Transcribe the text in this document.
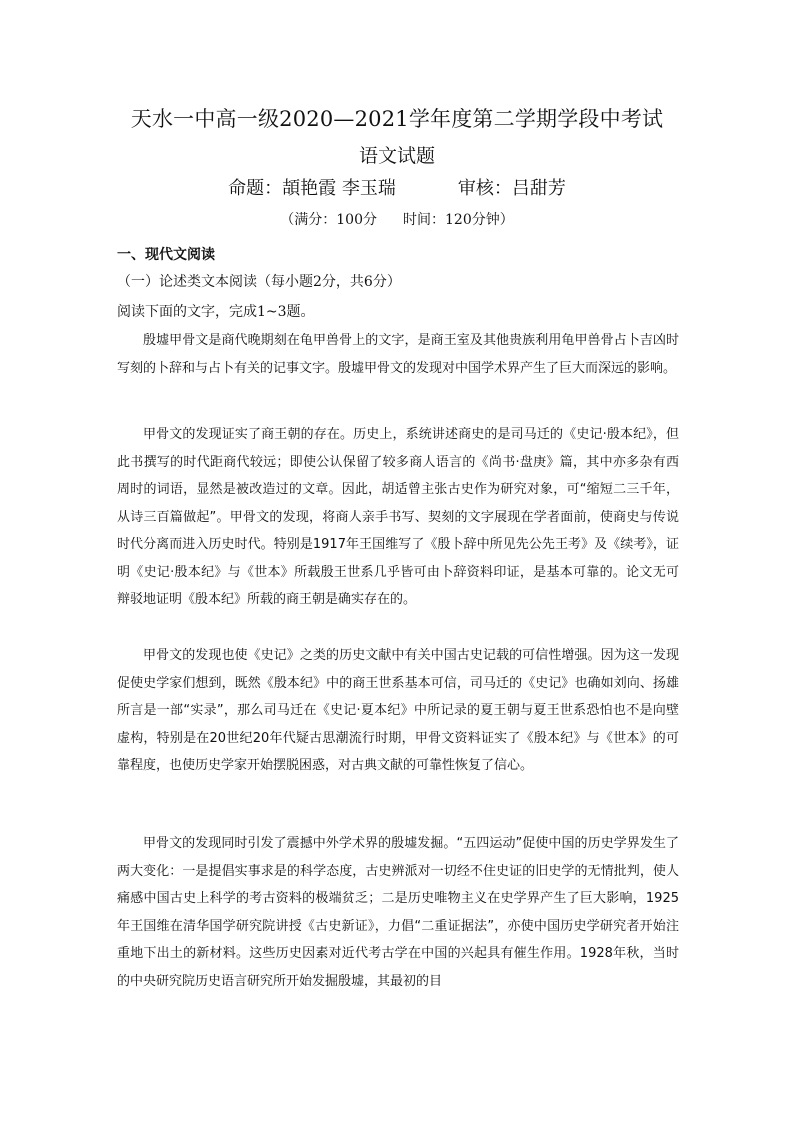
天水一中高一级2020—2021学年度第二学期学段中考试
语文试题
命题：頡艳霞 李玉瑞	审核：吕甜芳
（满分：100分 时间：120分钟）
一、现代文阅读
（一）论述类文本阅读（每小题2分，共6分）
阅读下面的文字，完成1~3题。

殷墟甲骨文是商代晚期刻在龟甲兽骨上的文字，是商王室及其他贵族利用龟甲兽骨占卜吉凶时写刻的卜辞和与占卜有关的记事文字。殷墟甲骨文的发现对中国学术界产生了巨大而深远的影响。

甲骨文的发现证实了商王朝的存在。历史上，系统讲述商史的是司马迁的《史记·殷本纪》，但此书撰写的时代距商代较远；即使公认保留了较多商人语言的《尚书·盘庚》篇，其中亦多杂有西周时的词语，显然是被改造过的文章。因此，胡适曾主张古史作为研究对象，可“缩短二三千年，从诗三百篇做起”。甲骨文的发现，将商人亲手书写、契刻的文字展现在学者面前，使商史与传说时代分离而进入历史时代。特别是1917年王国维写了《殷卜辞中所见先公先王考》及《续考》，证明《史记·殷本纪》与《世本》所载殷王世系几乎皆可由卜辞资料印证，是基本可靠的。论文无可辩驳地证明《殷本纪》所载的商王朝是确实存在的。

甲骨文的发现也使《史记》之类的历史文献中有关中国古史记载的可信性增强。因为这一发现促使史学家们想到，既然《殷本纪》中的商王世系基本可信，司马迁的《史记》也确如刘向、扬雄所言是一部“实录”，那么司马迁在《史记·夏本纪》中所记录的夏王朝与夏王世系恐怕也不是向壁虚构，特别是在20世纪20年代疑古思潮流行时期，甲骨文资料证实了《殷本纪》与《世本》的可靠程度，也使历史学家开始摆脱困惑，对古典文献的可靠性恢复了信心。

甲骨文的发现同时引发了震撼中外学术界的殷墟发掘。“五四运动”促使中国的历史学界发生了两大变化：一是提倡实事求是的科学态度，古史辨派对一切经不住史证的旧史学的无情批判，使人痛感中国古史上科学的考古资料的极端贫乏；二是历史唯物主义在史学界产生了巨大影响，1925年王国维在清华国学研究院讲授《古史新证》，力倡“二重证据法”，亦使中国历史学研究者开始注重地下出土的新材料。这些历史因素对近代考古学在中国的兴起具有催生作用。1928年秋，当时的中央研究院历史语言研究所开始发掘殷墟，其最初的目
